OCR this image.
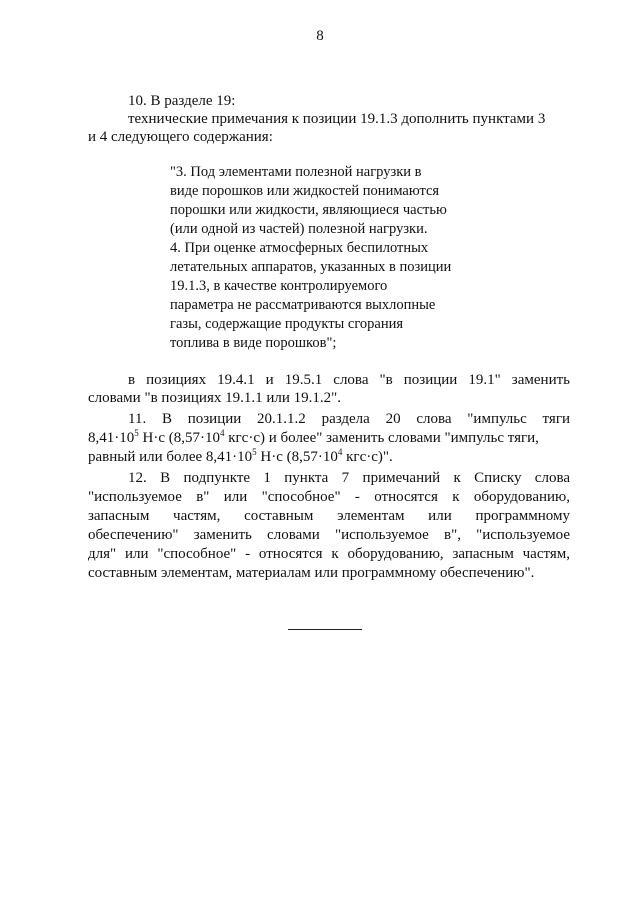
8
10. В разделе 19:
технические примечания к позиции 19.1.3 дополнить пунктами 3
и 4 следующего содержания:
"3. Под элементами полезной нагрузки в
виде порошков или жидкостей понимаются
порошки или жидкости, являющиеся частью
(или одной из частей) полезной нагрузки.
4. При оценке атмосферных беспилотных
летательных аппаратов, указанных в позиции
19.1.3, в качестве контролируемого
параметра не рассматриваются выхлопные
газы, содержащие продукты сгорания
топлива в виде порошков";
в позициях 19.4.1 и 19.5.1 слова "в позиции 19.1" заменить
словами "в позициях 19.1.1 или 19.1.2".
11. В позиции 20.1.1.2 раздела 20 слова "импульс тяги
$8,41\cdot 10^5$ Н·с ($8,57\cdot 10^4$ кгс·с) и более" заменить словами "импульс тяги,
равный или более $8,41\cdot 10^5$ Н·с ($8,57\cdot 10^4$ кгс·с)".
12. В подпункте 1 пункта 7 примечаний к Списку слова
"используемое в" или "способное" - относятся к оборудованию,
запасным частям, составным элементам или программному
обеспечению" заменить словами "используемое в", "используемое
для" или "способное" - относятся к оборудованию, запасным частям,
составным элементам, материалам или программному обеспечению".
